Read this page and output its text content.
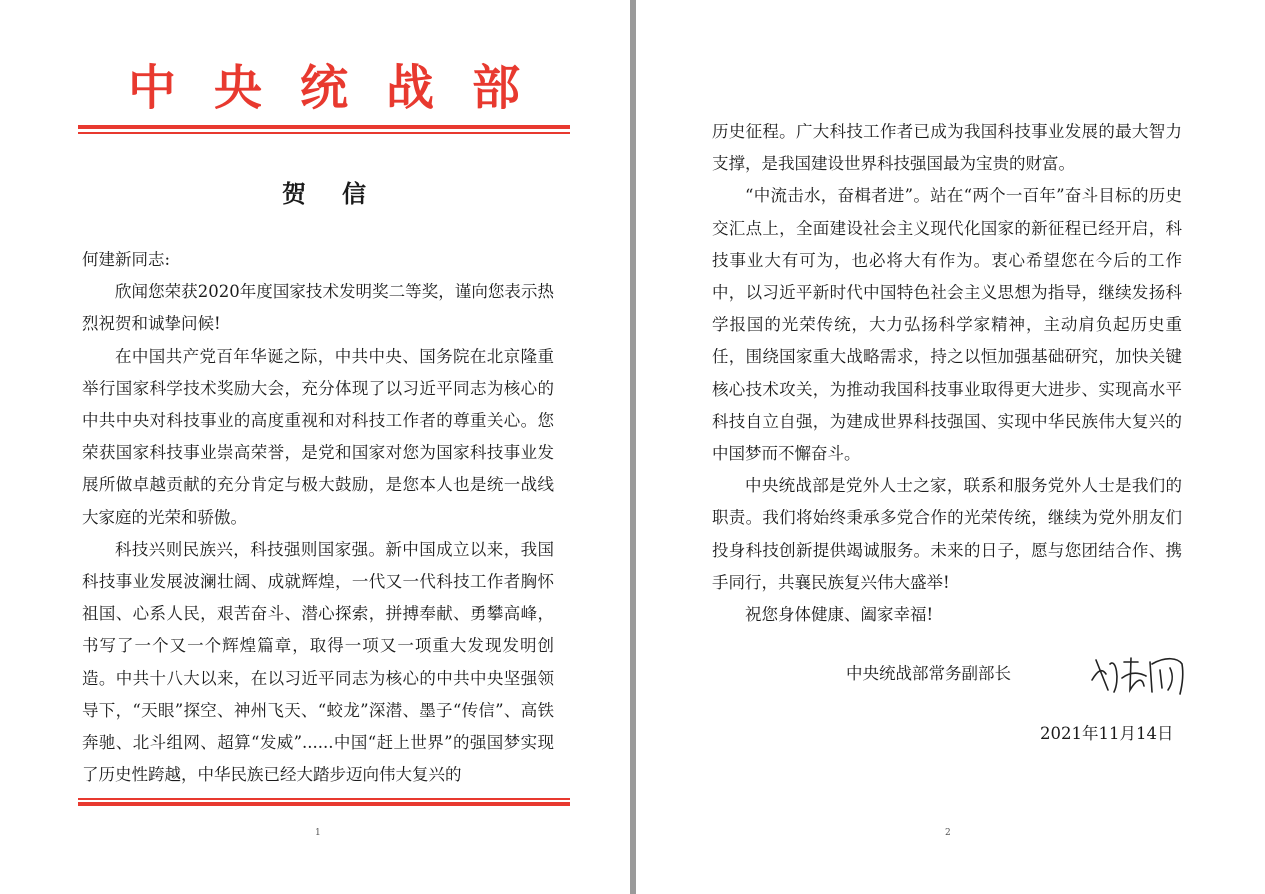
中央统战部
贺信

何建新同志:

欣闻您荣获2020年度国家技术发明奖二等奖，谨向您表示热烈祝贺和诚挚问候!

在中国共产党百年华诞之际，中共中央、国务院在北京隆重举行国家科学技术奖励大会，充分体现了以习近平同志为核心的中共中央对科技事业的高度重视和对科技工作者的尊重关心。您荣获国家科技事业崇高荣誉，是党和国家对您为国家科技事业发展所做卓越贡献的充分肯定与极大鼓励，是您本人也是统一战线大家庭的光荣和骄傲。

科技兴则民族兴，科技强则国家强。新中国成立以来，我国科技事业发展波澜壮阔、成就辉煌，一代又一代科技工作者胸怀祖国、心系人民，艰苦奋斗、潜心探索，拼搏奉献、勇攀高峰，书写了一个又一个辉煌篇章，取得一项又一项重大发现发明创造。中共十八大以来，在以习近平同志为核心的中共中央坚强领导下，“天眼”探空、神州飞天、“蛟龙”深潜、墨子“传信”、高铁奔驰、北斗组网、超算“发威”......中国“赶上世界”的强国梦实现了历史性跨越，中华民族已经大踏步迈向伟大复兴的

1

历史征程。广大科技工作者已成为我国科技事业发展的最大智力支撑，是我国建设世界科技强国最为宝贵的财富。

“中流击水，奋楫者进”。站在“两个一百年”奋斗目标的历史交汇点上，全面建设社会主义现代化国家的新征程已经开启，科技事业大有可为，也必将大有作为。衷心希望您在今后的工作中，以习近平新时代中国特色社会主义思想为指导，继续发扬科学报国的光荣传统，大力弘扬科学家精神，主动肩负起历史重任，围绕国家重大战略需求，持之以恒加强基础研究，加快关键核心技术攻关，为推动我国科技事业取得更大进步、实现高水平科技自立自强，为建成世界科技强国、实现中华民族伟大复兴的中国梦而不懈奋斗。

中央统战部是党外人士之家，联系和服务党外人士是我们的职责。我们将始终秉承多党合作的光荣传统，继续为党外朋友们投身科技创新提供竭诚服务。未来的日子，愿与您团结合作、携手同行，共襄民族复兴伟大盛举!

祝您身体健康、阖家幸福!

中央统战部常务副部长
2021年11月14日
2
